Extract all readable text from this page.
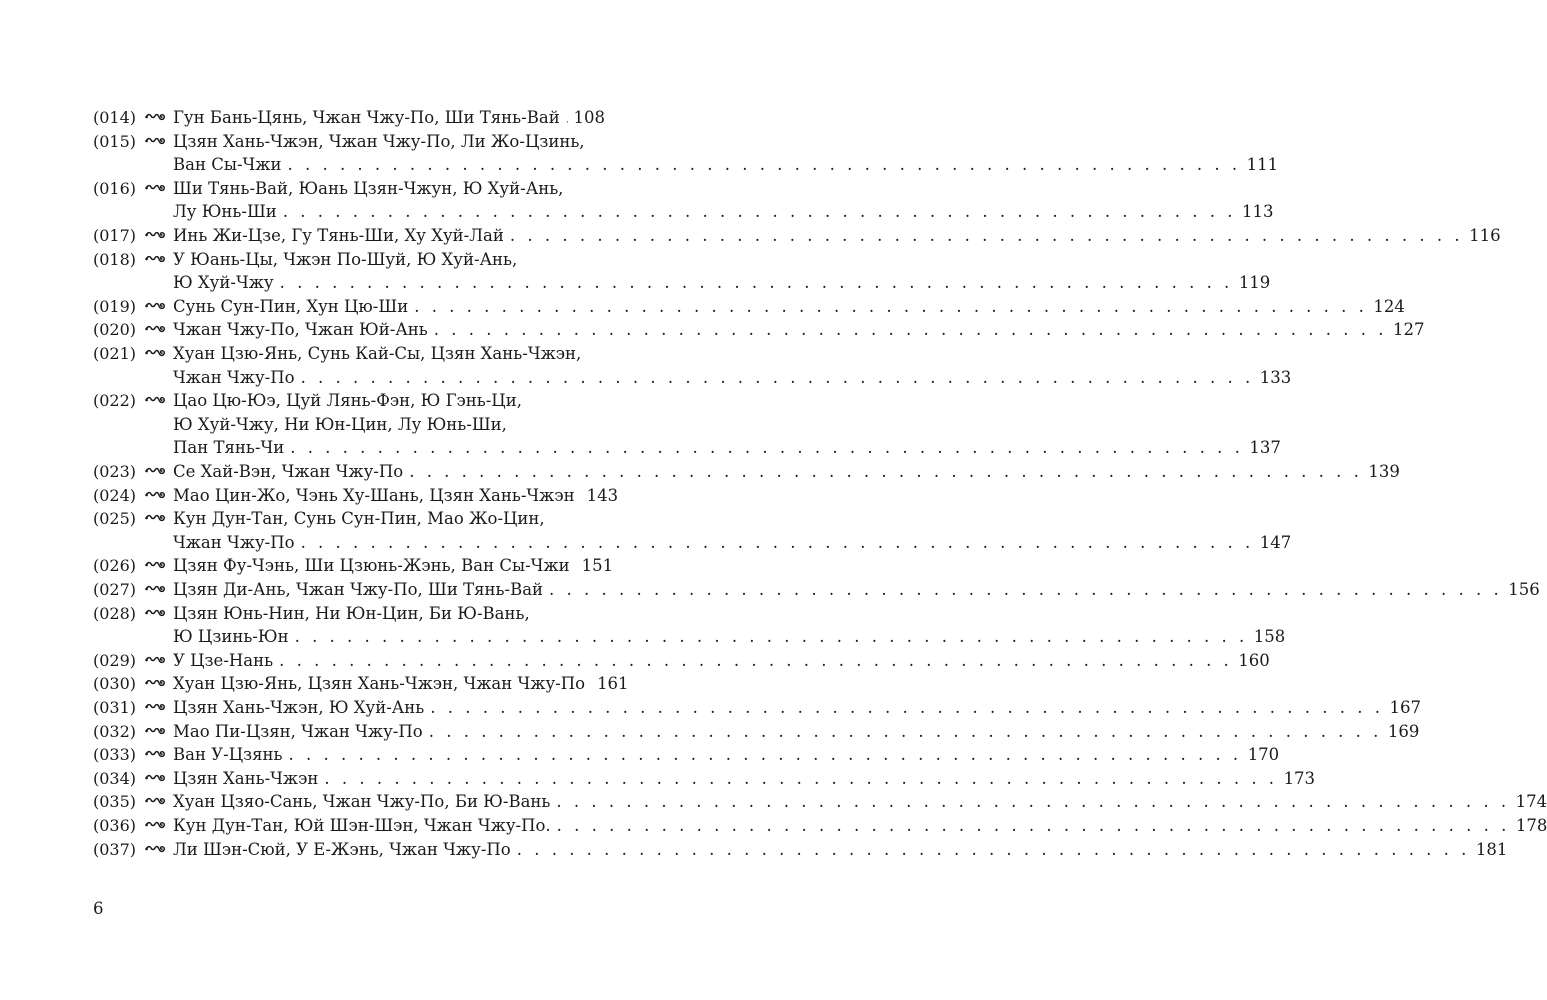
(014) Гун Бань-Цянь, Чжан Чжу-По, Ши Тянь-Вай 108
(015) Цзян Хань-Чжэн, Чжан Чжу-По, Ли Жо-Цзинь,
Ван Сы-Чжи . . . . . . . . . . . . . . . . . . . . . . . . . . . . . . . . . . . . . . . . . . . . . . . . . . . . . . . 111
(016) Ши Тянь-Вай, Юань Цзян-Чжун, Ю Хуй-Ань,
Лу Юнь-Ши . . . . . . . . . . . . . . . . . . . . . . . . . . . . . . . . . . . . . . . . . . . . . . . . . . . . . . . 113
(017) Инь Жи-Цзе, Гу Тянь-Ши, Ху Хуй-Лай . . . . . . . . . . . . . . . . . . . . . . . . . . . . . . . . . . . . . . . . . . . . . . . . . . . . . . . 116
(018) У Юань-Цы, Чжэн По-Шуй, Ю Хуй-Ань,
Ю Хуй-Чжу . . . . . . . . . . . . . . . . . . . . . . . . . . . . . . . . . . . . . . . . . . . . . . . . . . . . . . . 119
(019) Сунь Сун-Пин, Хун Цю-Ши . . . . . . . . . . . . . . . . . . . . . . . . . . . . . . . . . . . . . . . . . . . . . . . . . . . . . . . 124
(020) Чжан Чжу-По, Чжан Юй-Ань . . . . . . . . . . . . . . . . . . . . . . . . . . . . . . . . . . . . . . . . . . . . . . . . . . . . . . . 127
(021) Хуан Цзю-Янь, Сунь Кай-Сы, Цзян Хань-Чжэн,
Чжан Чжу-По . . . . . . . . . . . . . . . . . . . . . . . . . . . . . . . . . . . . . . . . . . . . . . . . . . . . . . . 133
(022) Цао Цю-Юэ, Цуй Лянь-Фэн, Ю Гэнь-Ци,
Ю Хуй-Чжу, Ни Юн-Цин, Лу Юнь-Ши,
Пан Тянь-Чи . . . . . . . . . . . . . . . . . . . . . . . . . . . . . . . . . . . . . . . . . . . . . . . . . . . . . . . 137
(023) Се Хай-Вэн, Чжан Чжу-По . . . . . . . . . . . . . . . . . . . . . . . . . . . . . . . . . . . . . . . . . . . . . . . . . . . . . . . 139
(024) Мао Цин-Жо, Чэнь Ху-Шань, Цзян Хань-Чжэн 143
(025) Кун Дун-Тан, Сунь Сун-Пин, Мао Жо-Цин,
Чжан Чжу-По . . . . . . . . . . . . . . . . . . . . . . . . . . . . . . . . . . . . . . . . . . . . . . . . . . . . . . . 147
(026) Цзян Фу-Чэнь, Ши Цзюнь-Жэнь, Ван Сы-Чжи 151
(027) Цзян Ди-Ань, Чжан Чжу-По, Ши Тянь-Вай . . . . . . . . . . . . . . . . . . . . . . . . . . . . . . . . . . . . . . . . . . . . . . . . . . . . . . . 156
(028) Цзян Юнь-Нин, Ни Юн-Цин, Би Ю-Вань,
Ю Цзинь-Юн . . . . . . . . . . . . . . . . . . . . . . . . . . . . . . . . . . . . . . . . . . . . . . . . . . . . . . . 158
(029) У Цзе-Нань . . . . . . . . . . . . . . . . . . . . . . . . . . . . . . . . . . . . . . . . . . . . . . . . . . . . . . . 160
(030) Хуан Цзю-Янь, Цзян Хань-Чжэн, Чжан Чжу-По 161
(031) Цзян Хань-Чжэн, Ю Хуй-Ань . . . . . . . . . . . . . . . . . . . . . . . . . . . . . . . . . . . . . . . . . . . . . . . . . . . . . . . 167
(032) Мао Пи-Цзян, Чжан Чжу-По . . . . . . . . . . . . . . . . . . . . . . . . . . . . . . . . . . . . . . . . . . . . . . . . . . . . . . . 169
(033) Ван У-Цзянь . . . . . . . . . . . . . . . . . . . . . . . . . . . . . . . . . . . . . . . . . . . . . . . . . . . . . . . 170
(034) Цзян Хань-Чжэн . . . . . . . . . . . . . . . . . . . . . . . . . . . . . . . . . . . . . . . . . . . . . . . . . . . . . . . 173
(035) Хуан Цзяо-Сань, Чжан Чжу-По, Би Ю-Вань . . . . . . . . . . . . . . . . . . . . . . . . . . . . . . . . . . . . . . . . . . . . . . . . . . . . . . . 174
(036) Кун Дун-Тан, Юй Шэн-Шэн, Чжан Чжу-По. . . . . . . . . . . . . . . . . . . . . . . . . . . . . . . . . . . . . . . . . . . . . . . . . . . . . . . . 178
(037) Ли Шэн-Сюй, У Е-Жэнь, Чжан Чжу-По . . . . . . . . . . . . . . . . . . . . . . . . . . . . . . . . . . . . . . . . . . . . . . . . . . . . . . . 181
6
